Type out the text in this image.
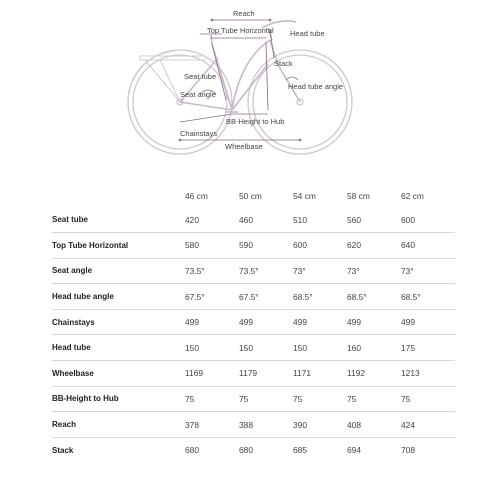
Reach
Top Tube Horizontal Head tube
Stack
Seat tube
Seat angle
Head tube angle
BB-Height to Hub
Chainstays
Wheelbase
	46 cm	50 cm	54 cm	58 cm	62 cm
Seat tube	420	460	510	560	600
Top Tube Horizontal	580	590	600	620	640
Seat angle	73.5°	73.5°	73°	73°	73°
Head tube angle	67.5°	67.5°	68.5°	68.5°	68.5°
Chainstays	499	499	499	499	499
Head tube	150	150	150	160	175
Wheelbase	1169	1179	1171	1192	1213
BB-Height to Hub	75	75	75	75	75
Reach	378	388	390	408	424
Stack	680	680	685	694	708
